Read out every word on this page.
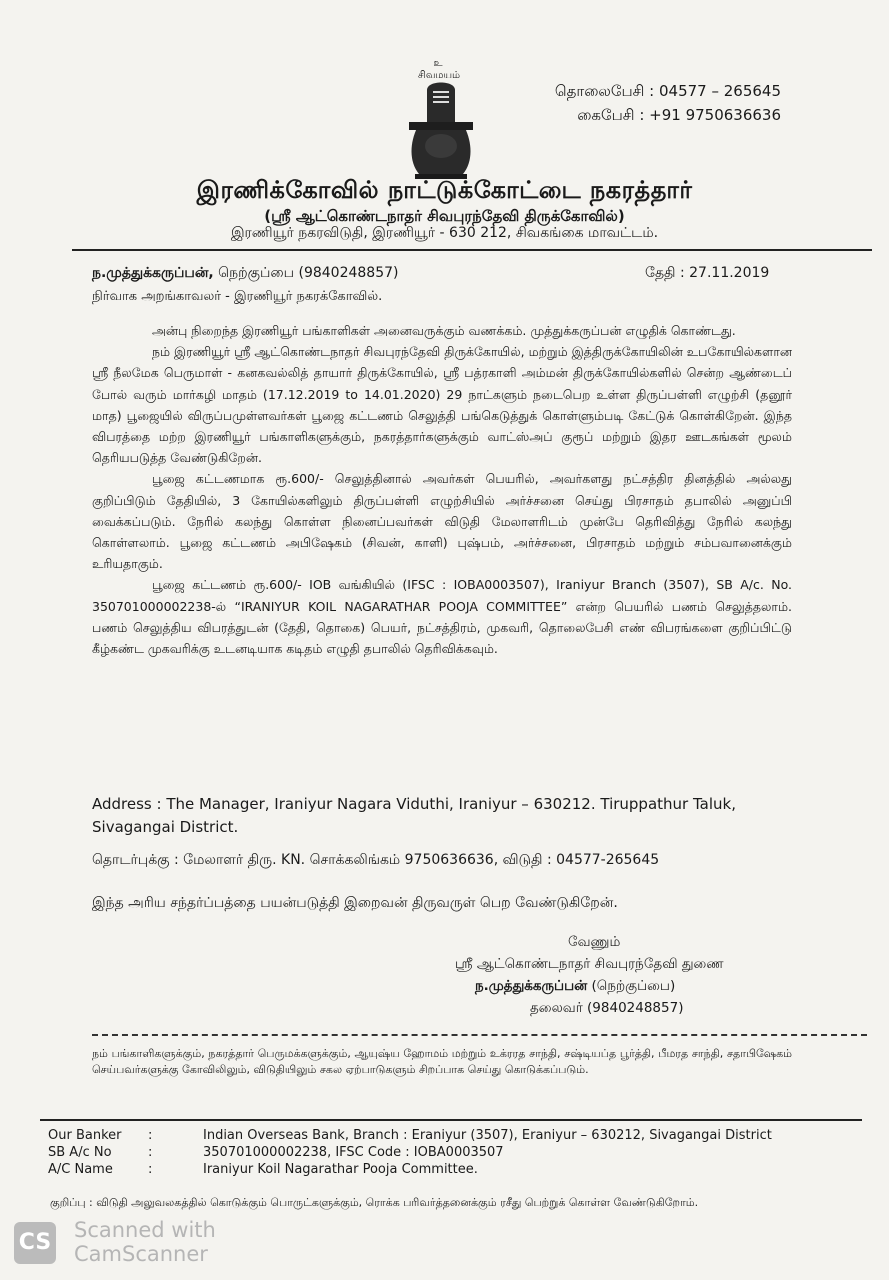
உ
சிவமயம்
தொலைபேசி : 04577 – 265645
கைபேசி : +91 9750636636
இரணிக்கோவில் நாட்டுக்கோட்டை நகரத்தார்
(ஸ்ரீ ஆட்கொண்டநாதர் சிவபுரந்தேவி திருக்கோவில்)
இரணியூர் நகரவிடுதி, இரணியூர் - 630 212, சிவகங்கை மாவட்டம்.
ந.முத்துக்கருப்பன், நெற்குப்பை (9840248857)	தேதி : 27.11.2019
நிர்வாக அறங்காவலர் - இரணியூர் நகரக்கோவில்.

அன்பு நிறைந்த இரணியூர் பங்காளிகள் அனைவருக்கும் வணக்கம். முத்துக்கருப்பன் எழுதிக் கொண்டது.

நம் இரணியூர் ஸ்ரீ ஆட்கொண்டநாதர் சிவபுரந்தேவி திருக்கோயில், மற்றும் இத்திருக்கோயிலின் உபகோயில்களான ஸ்ரீ நீலமேக பெருமாள் - கனகவல்லித் தாயார் திருக்கோயில், ஸ்ரீ பத்ரகாளி அம்மன் திருக்கோயில்களில் சென்ற ஆண்டைப் போல் வரும் மார்கழி மாதம் (17.12.2019 to 14.01.2020) 29 நாட்களும் நடைபெற உள்ள திருப்பள்ளி எழுற்சி (தனூர் மாத) பூஜையில் விருப்பமுள்ளவர்கள் பூஜை கட்டணம் செலுத்தி பங்கெடுத்துக் கொள்ளும்படி கேட்டுக் கொள்கிறேன். இந்த விபரத்தை மற்ற இரணியூர் பங்காளிகளுக்கும், நகரத்தார்களுக்கும் வாட்ஸ்அப் குரூப் மற்றும் இதர ஊடகங்கள் மூலம் தெரியபடுத்த வேண்டுகிறேன்.

பூஜை கட்டணமாக ரூ.600/- செலுத்தினால் அவர்கள் பெயரில், அவர்களது நட்சத்திர தினத்தில் அல்லது குறிப்பிடும் தேதியில், 3 கோயில்களிலும் திருப்பள்ளி எழுற்சியில் அர்ச்சனை செய்து பிரசாதம் தபாலில் அனுப்பி வைக்கப்படும். நேரில் கலந்து கொள்ள நினைப்பவர்கள் விடுதி மேலாளரிடம் முன்பே தெரிவித்து நேரில் கலந்து கொள்ளலாம். பூஜை கட்டணம் அபிஷேகம் (சிவன், காளி) புஷ்பம், அர்ச்சனை, பிரசாதம் மற்றும் சம்பவானைக்கும் உரியதாகும்.

பூஜை கட்டணம் ரூ.600/- IOB வங்கியில் (IFSC : IOBA0003507), Iraniyur Branch (3507), SB A/c. No. 350701000002238-ல் “IRANIYUR KOIL NAGARATHAR POOJA COMMITTEE” என்ற பெயரில் பணம் செலுத்தலாம். பணம் செலுத்திய விபரத்துடன் (தேதி, தொகை) பெயர், நட்சத்திரம், முகவரி, தொலைபேசி எண் விபரங்களை குறிப்பிட்டு கீழ்கண்ட முகவரிக்கு உடனடியாக கடிதம் எழுதி தபாலில் தெரிவிக்கவும்.

Address : The Manager, Iraniyur Nagara Viduthi, Iraniyur – 630212. Tiruppathur Taluk, Sivagangai District.
தொடர்புக்கு : மேலாளர் திரு. KN. சொக்கலிங்கம் 9750636636, விடுதி : 04577-265645
இந்த அரிய சந்தர்ப்பத்தை பயன்படுத்தி இறைவன் திருவருள் பெற வேண்டுகிறேன்.
வேணும்
ஸ்ரீ ஆட்கொண்டநாதர் சிவபுரந்தேவி துணை
ந.முத்துக்கருப்பன் (நெற்குப்பை)
தலைவர் (9840248857)
நம் பங்காளிகளுக்கும், நகரத்தார் பெருமக்களுக்கும், ஆயுஷ்ய ஹோமம் மற்றும் உக்ரரத சாந்தி, சஷ்டியப்த பூர்த்தி, பீமரத சாந்தி, சதாபிஷேகம் செய்பவர்களுக்கு கோவிலிலும், விடுதியிலும் சகல ஏற்பாடுகளும் சிறப்பாக செய்து கொடுக்கப்படும்.
Our Banker	:	Indian Overseas Bank, Branch : Eraniyur (3507), Eraniyur – 630212, Sivagangai District
SB A/c No	:	350701000002238, IFSC Code : IOBA0003507
A/C Name	:	Iraniyur Koil Nagarathar Pooja Committee.
குறிப்பு : விடுதி அலுவலகத்தில் கொடுக்கும் பொருட்களுக்கும், ரொக்க பரிவர்த்தனைக்கும் ரசீது பெற்றுக் கொள்ள வேண்டுகிறோம்.
CS Scanned with
CamScanner
